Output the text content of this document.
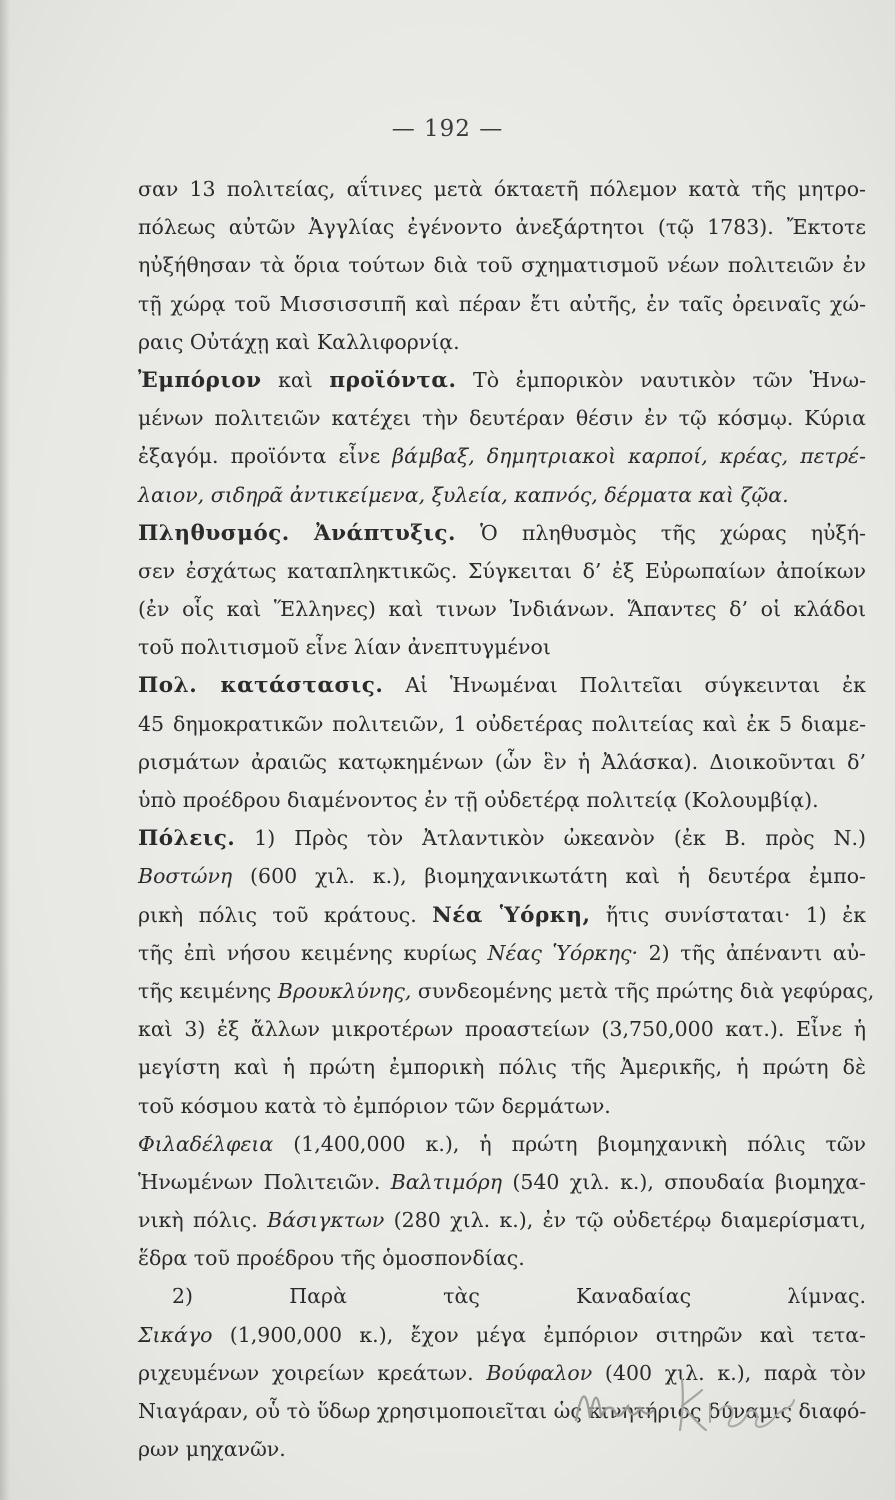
— 192 —
σαν 13 πολιτείας, αΐτινες μετὰ όκταετῆ πόλεμον κατὰ τῆς μητρο-
πόλεως αὐτῶν Ἀγγλίας ἐγένοντο ἀνεξάρτητοι (τῷ 1783). Ἔκτοτε
ηὐξήθησαν τὰ ὅρια τούτων διὰ τοῦ σχηματισμοῦ νέων πολιτειῶν ἐν
τῇ χώρᾳ τοῦ Μισσισσιπῆ καὶ πέραν ἔτι αὐτῆς, ἐν ταῖς ὀρειναῖς χώ-
ραις Οὐτάχῃ καὶ Καλλιφορνίᾳ.
Ἐμπόριον καὶ προϊόντα. Τὸ ἐμπορικὸν ναυτικὸν τῶν Ἡνω-
μένων πολιτειῶν κατέχει τὴν δευτέραν θέσιν ἐν τῷ κόσμῳ. Κύρια
ἐξαγόμ. προϊόντα εἶνε βάμβαξ, δημητριακοὶ καρποί, κρέας, πετρέ-
λαιον, σιδηρᾶ ἀντικείμενα, ξυλεία, καπνός, δέρματα καὶ ζῷα.
Πληθυσμός. Ἀνάπτυξις. Ὁ πληθυσμὸς τῆς χώρας ηὐξή-
σεν ἐσχάτως καταπληκτικῶς. Σύγκειται δ’ ἐξ Εὐρωπαίων ἀποίκων
(ἐν οἷς καὶ Ἕλληνες) καὶ τινων Ἰνδιάνων. Ἅπαντες δ’ οἱ κλάδοι
τοῦ πολιτισμοῦ εἶνε λίαν ἀνεπτυγμένοι
Πολ. κατάστασις. Αἱ Ἡνωμέναι Πολιτεῖαι σύγκεινται ἐκ
45 δημοκρατικῶν πολιτειῶν, 1 οὐδετέρας πολιτείας καὶ ἐκ 5 διαμε-
ρισμάτων ἀραιῶς κατῳκημένων (ὧν ἓν ἡ Ἀλάσκα). Διοικοῦνται δ’
ὑπὸ προέδρου διαμένοντος ἐν τῇ οὐδετέρᾳ πολιτείᾳ (Κολουμβίᾳ).
Πόλεις. 1) Πρὸς τὸν Ἀτλαντικὸν ὠκεανὸν (ἐκ Β. πρὸς Ν.)
Βοστώνη (600 χιλ. κ.), βιομηχανικωτάτη καὶ ἡ δευτέρα ἐμπο-
ρικὴ πόλις τοῦ κράτους. Νέα Ὑόρκη, ἥτις συνίσταται· 1) ἐκ
τῆς ἐπὶ νήσου κειμένης κυρίως Νέας Ὑόρκης· 2) τῆς ἀπέναντι αὐ-
τῆς κειμένης Βρουκλύνης, συνδεομένης μετὰ τῆς πρώτης διὰ γεφύρας,
καὶ 3) ἐξ ἄλλων μικροτέρων προαστείων (3,750,000 κατ.). Εἶνε ἡ
μεγίστη καὶ ἡ πρώτη ἐμπορικὴ πόλις τῆς Ἀμερικῆς, ἡ πρώτη δὲ
τοῦ κόσμου κατὰ τὸ ἐμπόριον τῶν δερμάτων.
Φιλαδέλφεια (1,400,000 κ.), ἡ πρώτη βιομηχανικὴ πόλις τῶν
Ἡνωμένων Πολιτειῶν. Βαλτιμόρη (540 χιλ. κ.), σπουδαία βιομηχα-
νικὴ πόλις. Βάσιγκτων (280 χιλ. κ.), ἐν τῷ οὐδετέρῳ διαμερίσματι,
ἕδρα τοῦ προέδρου τῆς ὁμοσπονδίας.
2) Παρὰ τὰς Καναδαίας λίμνας.
Σικάγο (1,900,000 κ.), ἔχον μέγα ἐμπόριον σιτηρῶν καὶ τετα-
ριχευμένων χοιρείων κρεάτων. Βούφαλον (400 χιλ. κ.), παρὰ τὸν
Νιαγάραν, οὗ τὸ ὕδωρ χρησιμοποιεῖται ὡς κινητήριος δύναμις διαφό-
ρων μηχανῶν.
